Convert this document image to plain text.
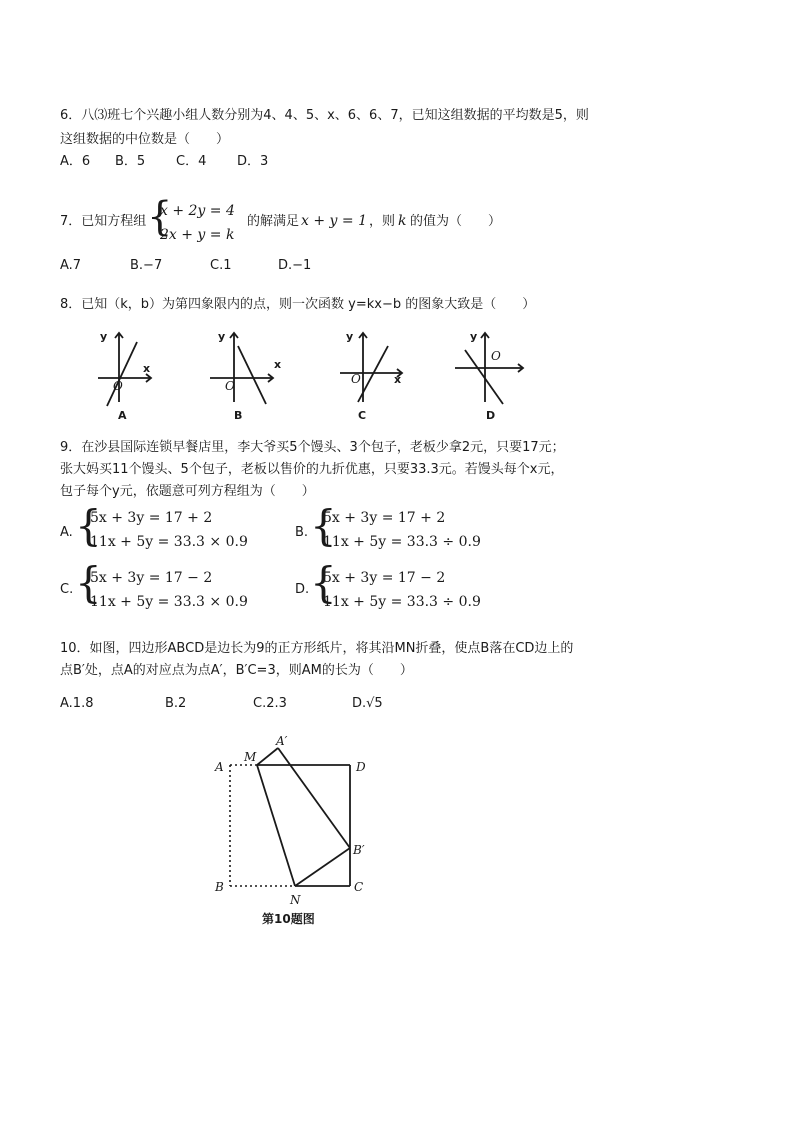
6．八⑶班七个兴趣小组人数分别为4、4、5、x、6、6、7，已知这组数据的平均数是5，则
这组数据的中位数是（　　）
A．6 B．5 C．4 D．3
7．已知方程组 {
x + 2y = 4
2x + y = k
的解满足 x + y = 1 ，则 k 的值为（　　）
A.7	B.−7	C.1	D.−1
8．已知（k，b）为第四象限内的点，则一次函数 y=kx−b 的图象大致是（　　）
y
x
O
A
y
x
O
B
y
x
O
C
y
O
D
9．在沙县国际连锁早餐店里，李大爷买5个馒头、3个包子，老板少拿2元，只要17元；
张大妈买11个馒头、5个包子，老板以售价的九折优惠，只要33.3元。若馒头每个x元，
包子每个y元，依题意可列方程组为（　　）
A. {
5x + 3y = 17 + 2
11x + 5y = 33.3 × 0.9
B. {
5x + 3y = 17 + 2
11x + 5y = 33.3 ÷ 0.9
C. {
5x + 3y = 17 − 2
11x + 5y = 33.3 × 0.9
D. {
5x + 3y = 17 − 2
11x + 5y = 33.3 ÷ 0.9
10．如图，四边形ABCD是边长为9的正方形纸片，将其沿MN折叠，使点B落在CD边上的
点B′处，点A的对应点为点A′，B′C=3，则AM的长为（　　）
A.1.8	B.2	C.2.3	D.√5
A
M
A′
D
B′
B
N
C
第10题图
